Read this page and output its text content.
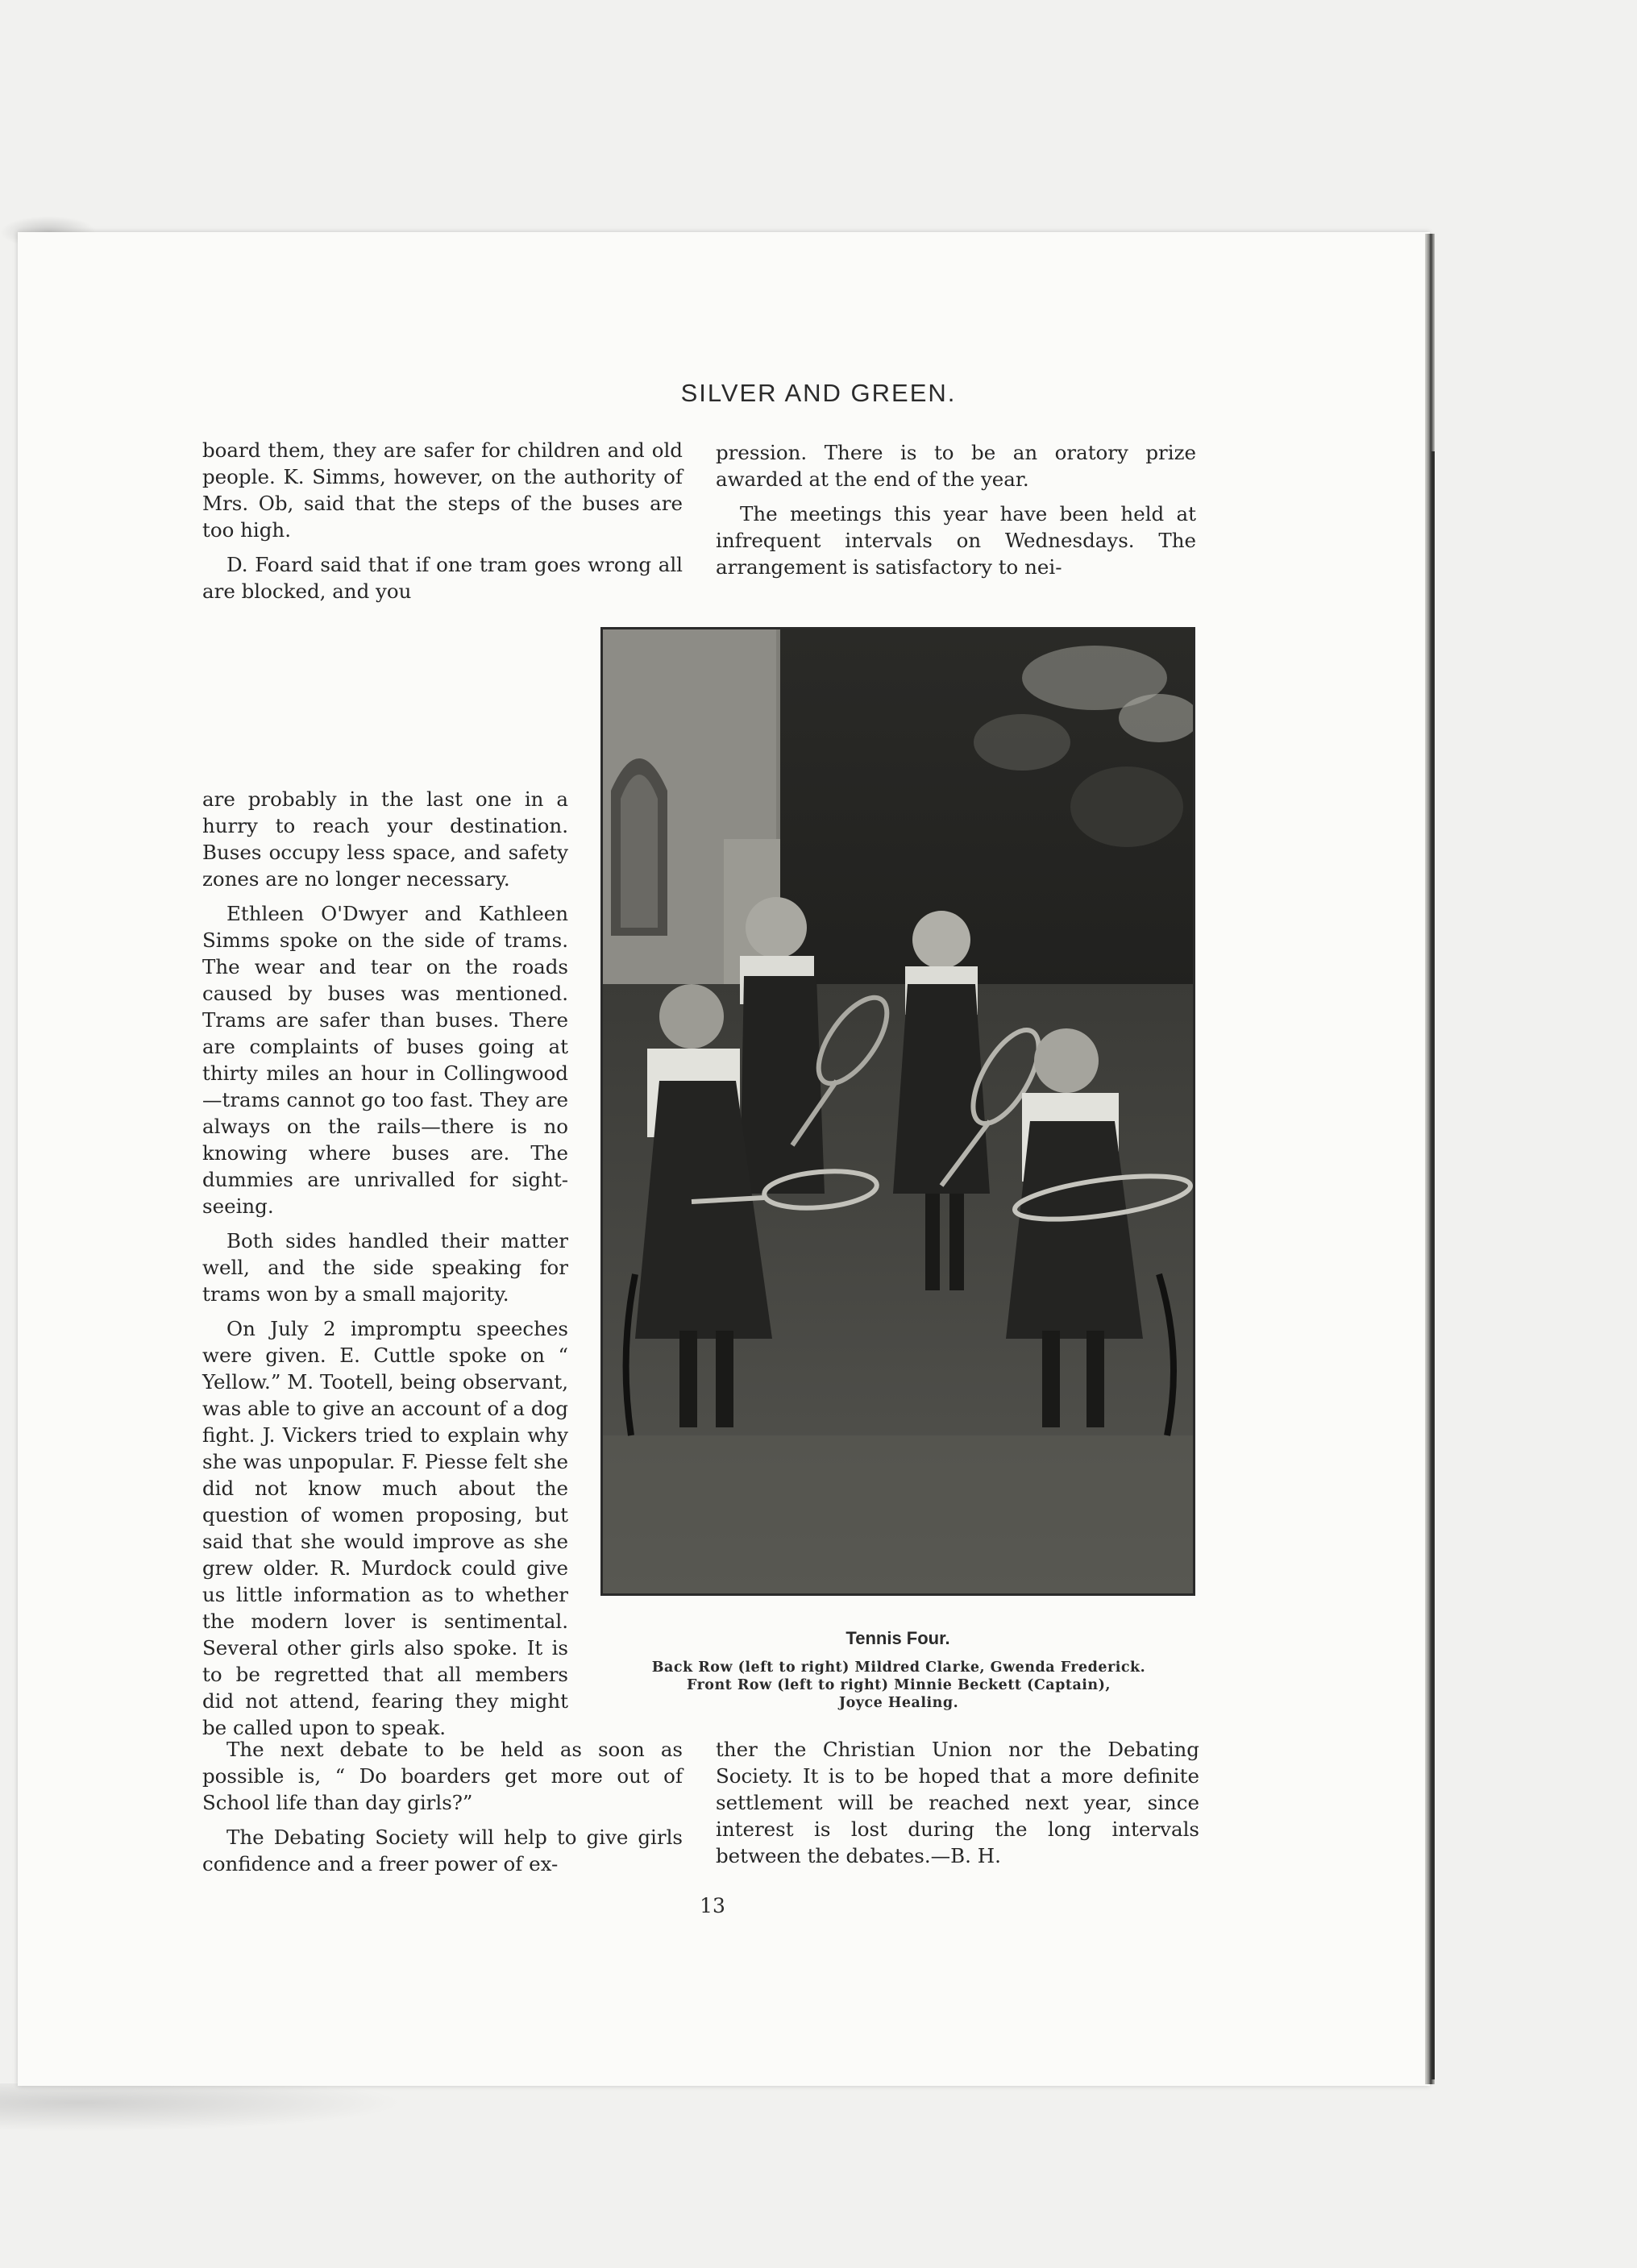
SILVER AND GREEN.

board them, they are safer for children and old people. K. Simms, however, on the authority of Mrs. Ob, said that the steps of the buses are too high.

D. Foard said that if one tram goes wrong all are blocked, and you

are probably in the last one in a hurry to reach your destination. Buses occupy less space, and safety zones are no longer necessary.

Ethleen O'Dwyer and Kathleen Simms spoke on the side of trams. The wear and tear on the roads caused by buses was mentioned. Trams are safer than buses. There are complaints of buses going at thirty miles an hour in Collingwood—trams cannot go too fast. They are always on the rails—there is no knowing where buses are. The dummies are unrivalled for sight-seeing.

Both sides handled their matter well, and the side speaking for trams won by a small majority.

On July 2 impromptu speeches were given. E. Cuttle spoke on “ Yellow.” M. Tootell, being observant, was able to give an account of a dog fight. J. Vickers tried to explain why she was unpopular. F. Piesse felt she did not know much about the question of women proposing, but said that she would improve as she grew older. R. Murdock could give us little information as to whether the modern lover is sentimental. Several other girls also spoke. It is to be regretted that all members did not attend, fearing they might be called upon to speak.

pression. There is to be an oratory prize awarded at the end of the year.

The meetings this year have been held at infrequent intervals on Wednesdays. The arrangement is satisfactory to nei-

Tennis Four.
Back Row (left to right) Mildred Clarke, Gwenda Frederick.
Front Row (left to right) Minnie Beckett (Captain),
Joyce Healing.

The next debate to be held as soon as possible is, “ Do boarders get more out of School life than day girls?”

The Debating Society will help to give girls confidence and a freer power of ex-

ther the Christian Union nor the Debating Society. It is to be hoped that a more definite settlement will be reached next year, since interest is lost during the long intervals between the debates.—B. H.

13
